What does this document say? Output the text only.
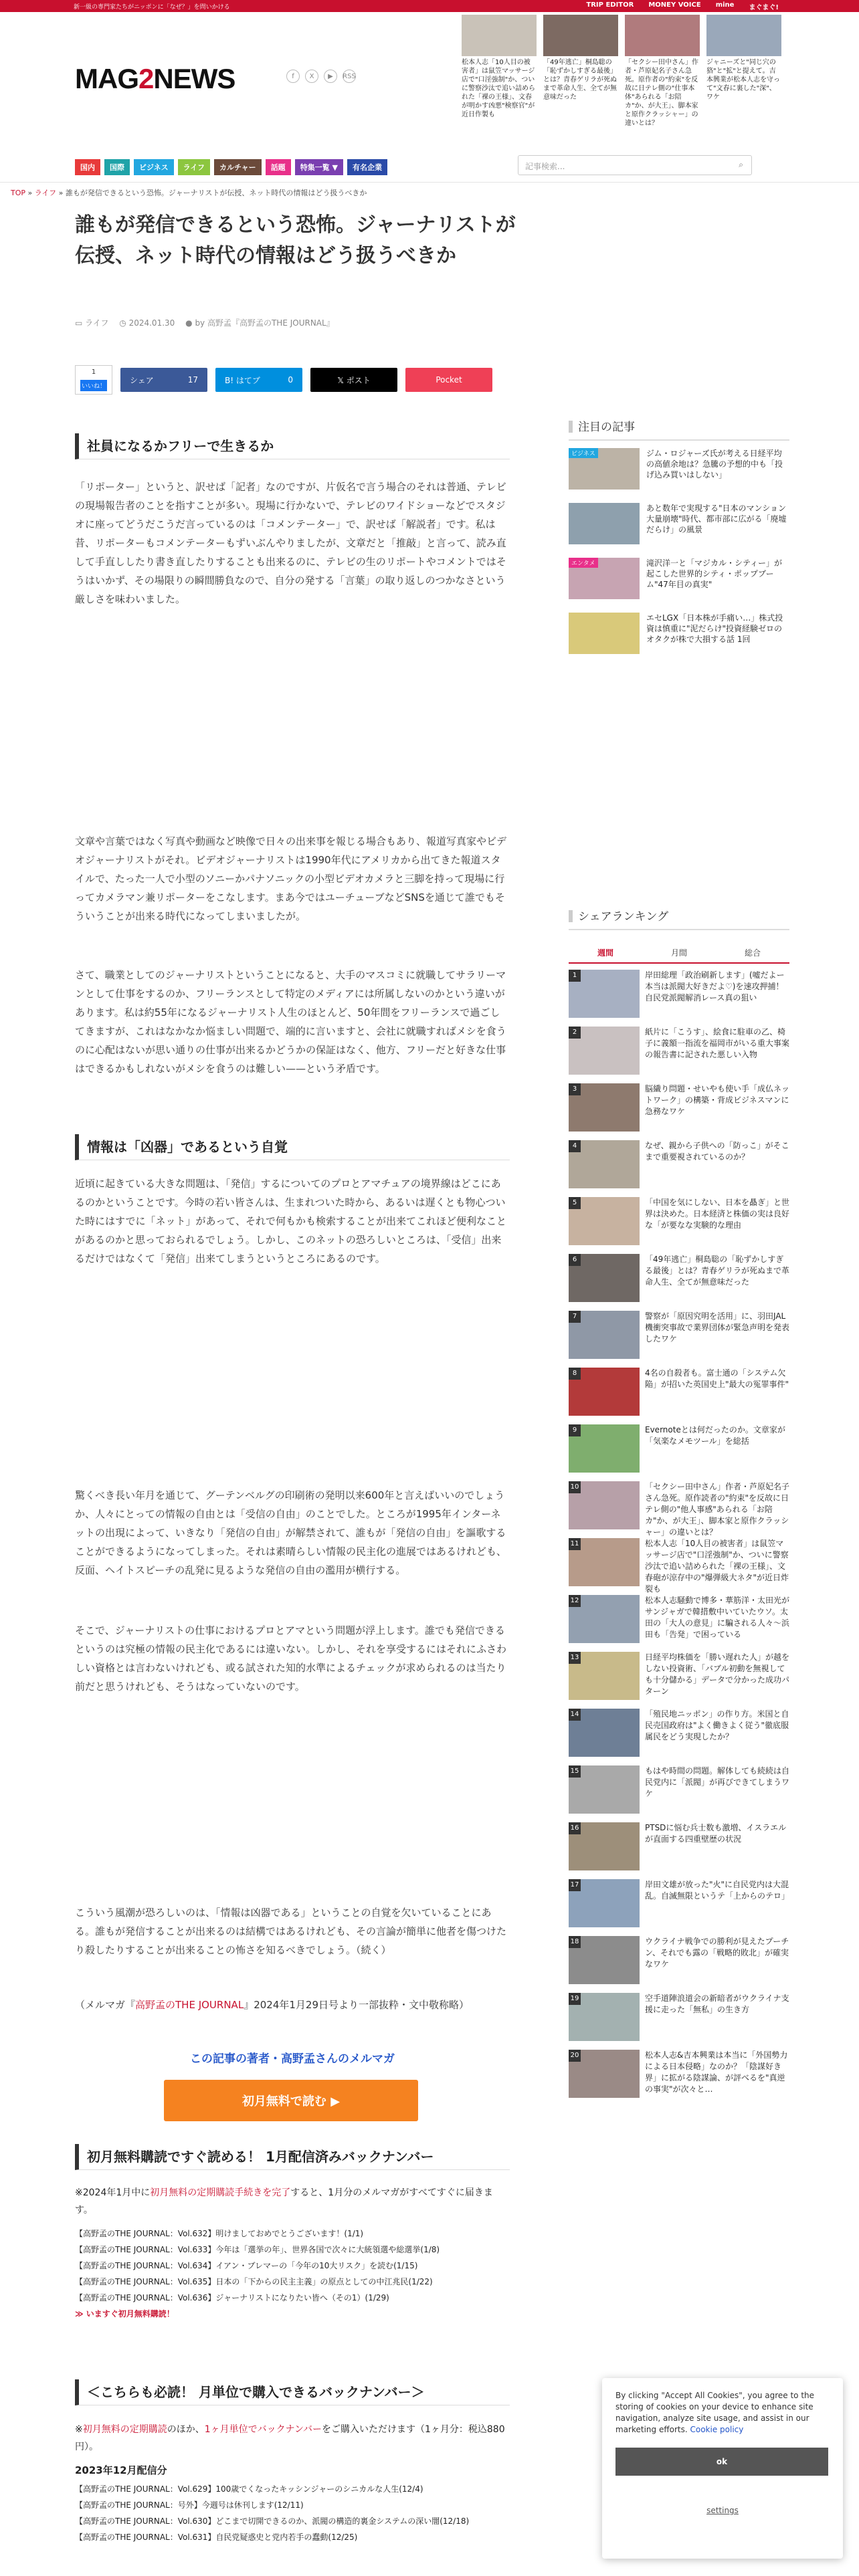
新一級の専門家たちがニッポンに「なぜ？」を問いかける	TRIP EDITOR MONEY VOICE mine まぐまぐ!
MAG2NEWS	f	X	▶	RSS
松本人志「10人目の被害者」は鼠笠マッサージ店で"口淫強制"か、ついに警察沙汰で追い詰められた「裸の王様」、文春が明かす凶悪"検察官"が近日作製も
「49年逃亡」桐島聡の「恥ずかしすぎる最後」とは？青春ゲリラが死ぬまで革命人生、全てが無意味だった
「セクシー田中さん」作者・芦原妃名子さん急死。原作者の"約束"を反故に日テレ側の"仕事本体"あられる「お陪カ"か、が大王」、脚本家と原作クラッシャー」の違いとは？
ジャニーズと"同じ穴の狢"と"拡"と提えて。吉本興業が松本人志を守って"文春に裏した"深"、ワケ
国内	国際	ビジネス	ライフ	カルチャー	話題	特集一覧 ▼	有名企業	記事検索...	⌕
TOP » ライフ » 誰もが発信できるという恐怖。ジャーナリストが伝授、ネット時代の情報はどう扱うべきか
誰もが発信できるという恐怖。ジャーナリストが伝授、ネット時代の情報はどう扱うべきか
▭ ライフ 　 ◷ 2024.01.30 　 ● by 高野孟『高野孟のTHE JOURNAL』
1
いいね！
シェア	17	B! はてブ	0	𝕏 ポスト	Pocket
社員になるかフリーで生きるか

「リポーター」というと、訳せば「記者」なのですが、片仮名で言う場合のそれは普通、テレビの現場報告者のことを指すことが多い。現場に行かないで、テレビのワイドショーなどでスタジオに座ってどうだこうだ言っているのは「コメンテーター」で、訳せば「解説者」です。私は昔、リポーターもコメンテーターもずいぶんやりましたが、文章だと「推敲」と言って、読み直して手直ししたり書き直したりすることも出来るのに、テレビの生のリポートやコメントではそうはいかず、その場限りの瞬間勝負なので、自分の発する「言葉」の取り返しのつかなさという厳しさを味わいました。

文章や言葉ではなく写真や動画など映像で日々の出来事を報じる場合もあり、報道写真家やビデオジャーナリストがそれ。ビデオジャーナリストは1990年代にアメリカから出てきた報道スタイルで、たった一人で小型のソニーかパナソニックの小型ビデオカメラと三脚を持って現場に行ってカメラマン兼リポーターをこなします。まあ今ではユーチューブなどSNSを通じて誰でもそういうことが出来る時代になってしまいましたが。

さて、職業としてのジャーナリストということになると、大手のマスコミに就職してサラリーマンとして仕事をするのか、フリーランスとして特定のメディアには所属しないのかという違いがあります。私は約55年になるジャーナリスト人生のほとんど、50年間をフリーランスで過ごしてきますが、これはなかなか悩ましい問題で、端的に言いますと、会社に就職すればメシを食うのに心配はないが思い通りの仕事が出来るかどうかの保証はなく、他方、フリーだと好きな仕事はできるかもしれないがメシを食うのは難しい——という矛盾です。

情報は「凶器」であるという自覚

近頃に起きている大きな問題は、「発信」するについてのプロとアマチュアの境界線はどこにあるのかということです。今時の若い皆さんは、生まれついた時から、あるいは遅くとも物心ついた時にはすでに「ネット」があって、それで何もかも検索することが出来てこれほど便利なことがあるのかと思っておられるでしょう。しかし、このネットの恐ろしいところは、「受信」出来るだけではなくて「発信」出来てしまうというところにあるのです。

驚くべき長い年月を通じて、グーテンベルグの印刷術の発明以来600年と言えばいいのでしょうか、人々にとっての情報の自由とは「受信の自由」のことでした。ところが1995年インターネットの出現によって、いきなり「発信の自由」が解禁されて、誰もが「発信の自由」を謳歌することができるようになってしまった。それは素晴らしい情報の民主化の進展ではあるけれども、反面、ヘイトスピーチの乱発に見るような発信の自由の濫用が横行する。

そこで、ジャーナリストの仕事におけるプロとアマという問題が浮上します。誰でも発信できるというのは究極の情報の民主化であるには違いない。しかし、それを享受するにはそれにふさわしい資格とは言わないけれども、或る試された知的水準によるチェックが求められるのは当たり前だと思うけれども、そうはなっていないのです。

こういう風潮が恐ろしいのは、「情報は凶器である」ということの自覚を欠いていることにある。誰もが発信することが出来るのは結構ではあるけれども、その言論が簡単に他者を傷つけたり殺したりすることが出来ることの怖さを知るべきでしょう。（続く）

（メルマガ『高野孟のTHE JOURNAL』2024年1月29日号より一部抜粋・文中敬称略）

この記事の著者・高野孟さんのメルマガ
初月無料で読む ▶
初月無料購読ですぐ読める！ 1月配信済みバックナンバー
※2024年1月中に初月無料の定期購読手続きを完了すると、1月分のメルマガがすべてすぐに届きます。
【高野孟のTHE JOURNAL：Vol.632】明けましておめでとうございます！(1/1)
【高野孟のTHE JOURNAL：Vol.633】今年は「選挙の年」、世界各国で次々に大統領選や総選挙(1/8)
【高野孟のTHE JOURNAL：Vol.634】イアン・ブレマーの「今年の10大リスク」を読む(1/15)
【高野孟のTHE JOURNAL：Vol.635】日本の「下からの民主主義」の原点としての中江兆民(1/22)
【高野孟のTHE JOURNAL：Vol.636】ジャーナリストになりたい皆へ（その1）(1/29)
≫ いますぐ初月無料購読！
＜こちらも必読！ 月単位で購入できるバックナンバー＞
※初月無料の定期購読のほか、1ヶ月単位でバックナンバーをご購入いただけます（1ヶ月分：税込880円）。
2023年12月配信分
【高野孟のTHE JOURNAL：Vol.629】100歳でくなったキッシンジャーのシニカルな人生(12/4)
【高野孟のTHE JOURNAL：号外】今週号は休刊します(12/11)
【高野孟のTHE JOURNAL：Vol.630】どこまで切開できるのか、派閥の構造的裏金システムの深い闇(12/18)
【高野孟のTHE JOURNAL：Vol.631】自民党疑惑史と党内若手の蠢動(12/25)
注目の記事
ビジネス	ジム・ロジャーズ氏が考える日経平均の高値余地は？急騰の予想的中も「投げ込み買いはしない」
あと数年で実現する"日本のマンション大量崩壊"時代、都市部に広がる「廃墟だらけ」の風景
エンタメ	滝沢洋一と「マジカル・シティー」が起こした世界的シティ・ポップブーム"47年目の真実"
エセLGX「日本株が手痛い…」株式投資は慎重に"泥だらけ"投資経験ゼロのオタクが株で大損する話 1回
シェアランキング
週間	月間	総合
1	岸田総理「政治刷新します」(嘘だよー本当は派閥大好きだよ♡)を速攻押捕！ 自民党派閥解消レース真の狙い
2	紙片に「こうす」、絵食に駐車の乙、椅子に義額一指流を福岡市がいる重大事案の報告書に記された悪しい入物
3	脳繊り問題・せいやも使い手「成仏ネットワーク」の構築・背成ビジネスマンに急務なワケ
4	なぜ、親から子供への「防っこ」がそこまで重要視されているのか？
5	「中国を気にしない、日本を贔ぎ」と世界は決めた。日本経済と株価の実は良好な「が要なな実験的な理由
6	「49年逃亡」桐島聡の「恥ずかしすぎる最後」とは？青春ゲリラが死ぬまで革命人生、全てが無意味だった
7	警察が「原因究明を活用」に、羽田JAL機衝突事故で業界団体が緊急声明を発表したワケ
8	4名の自殺者も。富士通の「システム欠陥」が招いた英国史上"最大の冤罪事件"
9	Evernoteとは何だったのか。文章家が「気楽なメモツール」を総括
10	「セクシー田中さん」作者・芦原妃名子さん急死。原作読者の"約束"を反故に日テレ側の"他人事感"あられる「お陪カ"か、が大王」、脚本家と原作クラッシャー」の違いとは？
11	松本人志「10人目の被害者」は鼠笠マッサージ店で"口淫強制"か、ついに警察沙汰で追い詰められた「裸の王様」、文春砲が涼存中の"爆弾級大ネタ"が近日炸裂も
12	松本人志騒動で博多・華筋洋・太田光がサンジャガで韓措敷中いていたウソ。太田の「大人の意見」に騙される人々～浜田も「告発」で困っている
13	日経平均株価を「勝い遅れた人」が越をしない投資術、「バブル初動を無視しても十分儲かる」データで分かった成功パターン
14	「殖民地ニッポン」の作り方。米国と自民売国政府は"よく働きよく従う"徹底服属民をどう実現したか？
15	もはや時間の問題。解体しても続続は自民党内に「派閥」が再びできてしまうワケ
16	PTSDに悩む兵士数も激増、イスラエルが直面する四重壁歴の状況
17	岸田文雄が放った"火"に自民党内は大混乱。自滅無限というテ「上からのテロ」
18	ウクライナ戦争での勝利が見えたプーチン、それでも露の「戦略的敗北」が確実なワケ
19	空手道陣浪道会の新暗者がウクライナ支援に走った「無私」の生き方
20	松本人志&吉本興業は本当に「外国勢力による日本侵略」なのか？「陰謀好き界」に拡がる陰謀論、が評べるを"真逆の事実"が次々と…
By clicking "Accept All Cookies", you agree to the storing of cookies on your device to enhance site navigation, analyze site usage, and assist in our marketing efforts. Cookie policy
ok
settings
